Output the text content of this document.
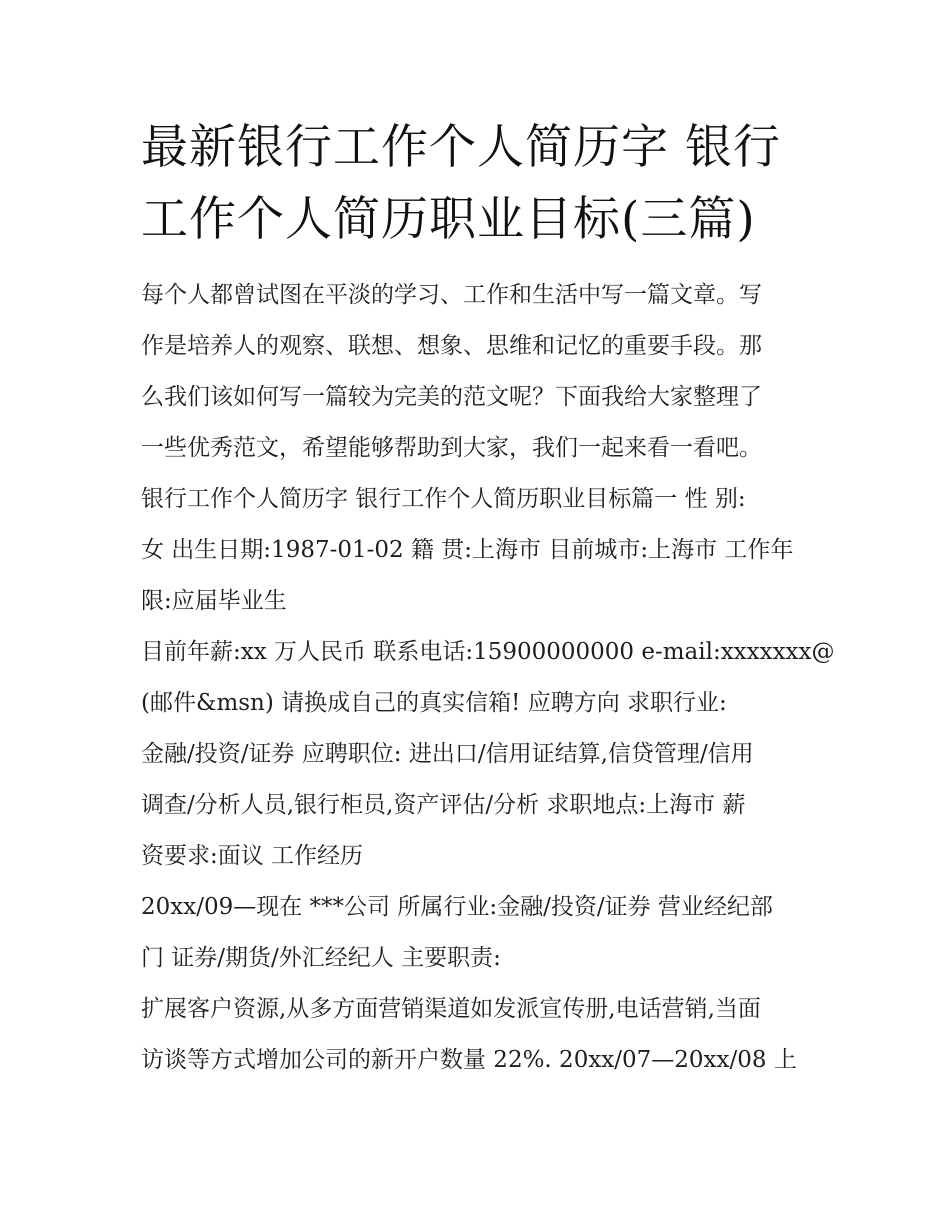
最新银行工作个人简历字 银行
工作个人简历职业目标(三篇)

每个人都曾试图在平淡的学习、工作和生活中写一篇文章。写
作是培养人的观察、联想、想象、思维和记忆的重要手段。那
么我们该如何写一篇较为完美的范文呢？下面我给大家整理了
一些优秀范文，希望能够帮助到大家，我们一起来看一看吧。
银行工作个人简历字 银行工作个人简历职业目标篇一 性 别:
女 出生日期:1987-01-02 籍 贯:上海市 目前城市:上海市 工作年
限:应届毕业生

目前年薪:xx 万人民币 联系电话:15900000000 e-mail:xxxxxxx@
(邮件&msn) 请换成自己的真实信箱! 应聘方向 求职行业:

金融/投资/证券 应聘职位: 进出口/信用证结算,信贷管理/信用
调查/分析人员,银行柜员,资产评估/分析 求职地点:上海市 薪
资要求:面议 工作经历

20xx/09—现在 ***公司 所属行业:金融/投资/证券 营业经纪部
门 证券/期货/外汇经纪人 主要职责:

扩展客户资源,从多方面营销渠道如发派宣传册,电话营销,当面
访谈等方式增加公司的新开户数量 22%. 20xx/07—20xx/08 上
